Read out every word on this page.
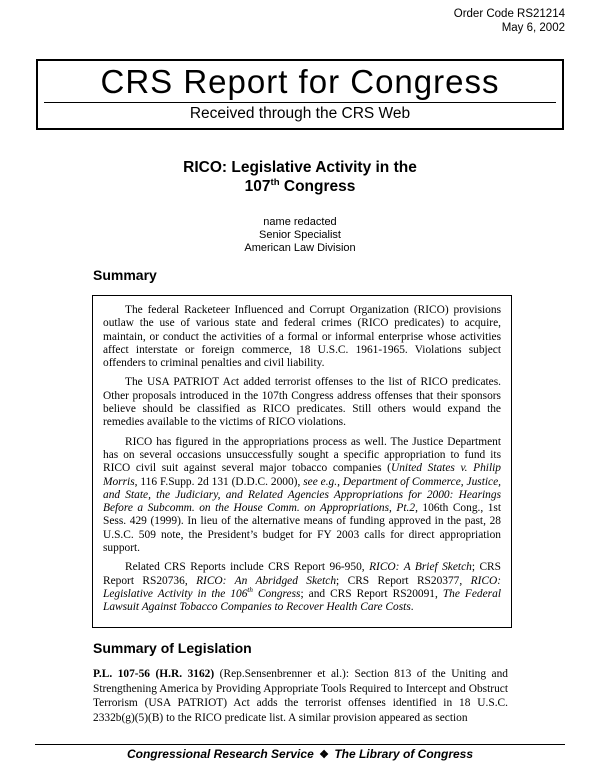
Order Code RS21214
May 6, 2002
CRS Report for Congress
Received through the CRS Web
RICO: Legislative Activity in the
107th Congress
name redacted
Senior Specialist
American Law Division
Summary

The federal Racketeer Influenced and Corrupt Organization (RICO) provisions outlaw the use of various state and federal crimes (RICO predicates) to acquire, maintain, or conduct the activities of a formal or informal enterprise whose activities affect interstate or foreign commerce, 18 U.S.C. 1961-1965. Violations subject offenders to criminal penalties and civil liability.

The USA PATRIOT Act added terrorist offenses to the list of RICO predicates. Other proposals introduced in the 107th Congress address offenses that their sponsors believe should be classified as RICO predicates. Still others would expand the remedies available to the victims of RICO violations.

RICO has figured in the appropriations process as well. The Justice Department has on several occasions unsuccessfully sought a specific appropriation to fund its RICO civil suit against several major tobacco companies (United States v. Philip Morris, 116 F.Supp. 2d 131 (D.D.C. 2000), see e.g., Department of Commerce, Justice, and State, the Judiciary, and Related Agencies Appropriations for 2000: Hearings Before a Subcomm. on the House Comm. on Appropriations, Pt.2, 106th Cong., 1st Sess. 429 (1999). In lieu of the alternative means of funding approved in the past, 28 U.S.C. 509 note, the President’s budget for FY 2003 calls for direct appropriation support.

Related CRS Reports include CRS Report 96-950, RICO: A Brief Sketch; CRS Report RS20736, RICO: An Abridged Sketch; CRS Report RS20377, RICO: Legislative Activity in the 106th Congress; and CRS Report RS20091, The Federal Lawsuit Against Tobacco Companies to Recover Health Care Costs.

Summary of Legislation

P.L. 107-56 (H.R. 3162) (Rep.Sensenbrenner et al.): Section 813 of the Uniting and Strengthening America by Providing Appropriate Tools Required to Intercept and Obstruct Terrorism (USA PATRIOT) Act adds the terrorist offenses identified in 18 U.S.C. 2332b(g)(5)(B) to the RICO predicate list. A similar provision appeared as section

Congressional Research Service ❖ The Library of Congress
